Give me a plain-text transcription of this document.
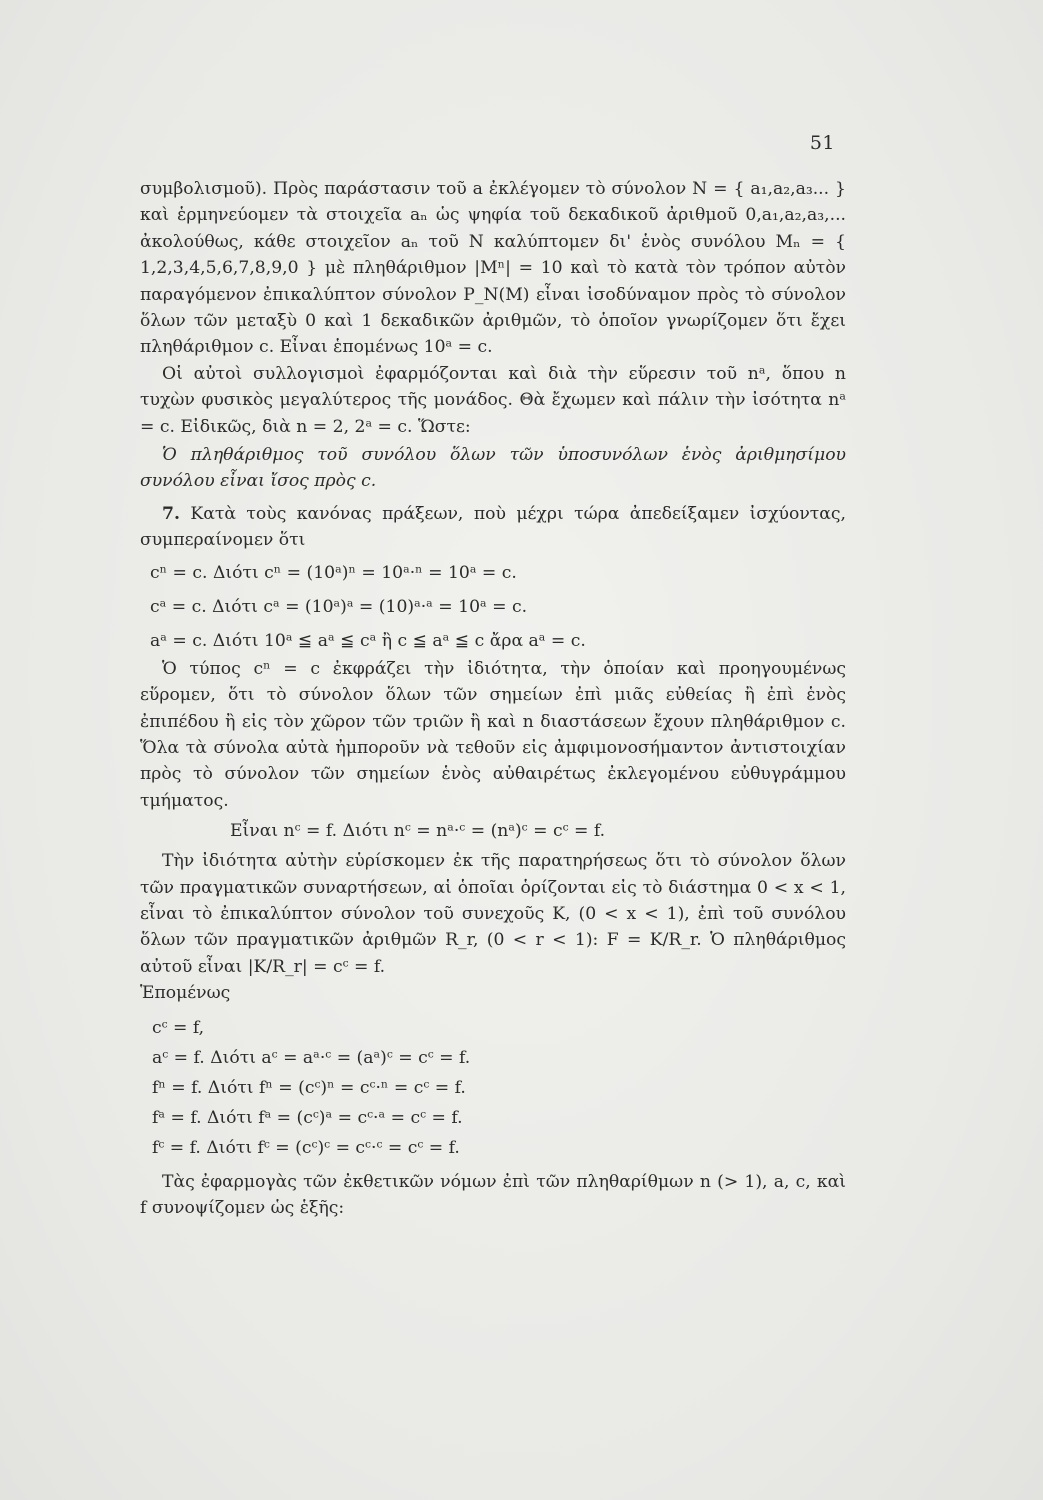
51

συμβολισμοῦ). Πρὸς παράστασιν τοῦ a ἐκλέγομεν τὸ σύνολον N = { a₁,a₂,a₃... } καὶ ἑρμηνεύομεν τὰ στοιχεῖα aₙ ὡς ψηφία τοῦ δεκαδικοῦ ἀριθμοῦ 0,a₁,a₂,a₃,... ἀκολούθως, κάθε στοιχεῖον aₙ τοῦ N καλύπτομεν δι' ἑνὸς συνόλου Mₙ = { 1,2,3,4,5,6,7,8,9,0 } μὲ πληθάριθμον |Mⁿ| = 10 καὶ τὸ κατὰ τὸν τρόπον αὐτὸν παραγόμενον ἐπικαλύπτον σύνολον P_N(M) εἶναι ἰσοδύναμον πρὸς τὸ σύνολον ὅλων τῶν μεταξὺ 0 καὶ 1 δεκαδικῶν ἀριθμῶν, τὸ ὁποῖον γνωρίζομεν ὅτι ἔχει πληθάριθμον c. Εἶναι ἑπομένως 10ᵃ = c.

Οἱ αὐτοὶ συλλογισμοὶ ἐφαρμόζονται καὶ διὰ τὴν εὕρεσιν τοῦ nᵃ, ὅπου n τυχὼν φυσικὸς μεγαλύτερος τῆς μονάδος. Θὰ ἔχωμεν καὶ πάλιν τὴν ἰσότητα nᵃ = c. Εἰδικῶς, διὰ n = 2, 2ᵃ = c. Ὥστε:

Ὁ πληθάριθμος τοῦ συνόλου ὅλων τῶν ὑποσυνόλων ἑνὸς ἀριθμησίμου συνόλου εἶναι ἴσος πρὸς c.

7. Κατὰ τοὺς κανόνας πράξεων, ποὺ μέχρι τώρα ἀπεδείξαμεν ἰσχύοντας, συμπεραίνομεν ὅτι

cⁿ = c. Διότι cⁿ = (10ᵃ)ⁿ = 10ᵃ·ⁿ = 10ᵃ = c.

cᵃ = c. Διότι cᵃ = (10ᵃ)ᵃ = (10)ᵃ·ᵃ = 10ᵃ = c.

aᵃ = c. Διότι 10ᵃ ≦ aᵃ ≦ cᵃ ἢ c ≦ aᵃ ≦ c ἄρα aᵃ = c.

Ὁ τύπος cⁿ = c ἐκφράζει τὴν ἰδιότητα, τὴν ὁποίαν καὶ προηγουμένως εὕρομεν, ὅτι τὸ σύνολον ὅλων τῶν σημείων ἐπὶ μιᾶς εὐθείας ἢ ἐπὶ ἑνὸς ἐπιπέδου ἢ εἰς τὸν χῶρον τῶν τριῶν ἢ καὶ n διαστάσεων ἔχουν πληθάριθμον c. Ὅλα τὰ σύνολα αὐτὰ ἠμποροῦν νὰ τεθοῦν εἰς ἀμφιμονοσήμαντον ἀντιστοιχίαν πρὸς τὸ σύνολον τῶν σημείων ἑνὸς αὐθαιρέτως ἐκλεγομένου εὐθυγράμμου τμήματος.

Εἶναι nᶜ = f. Διότι nᶜ = nᵃ·ᶜ = (nᵃ)ᶜ = cᶜ = f.

Τὴν ἰδιότητα αὐτὴν εὑρίσκομεν ἐκ τῆς παρατηρήσεως ὅτι τὸ σύνολον ὅλων τῶν πραγματικῶν συναρτήσεων, αἱ ὁποῖαι ὁρίζονται εἰς τὸ διάστημα 0 < x < 1, εἶναι τὸ ἐπικαλύπτον σύνολον τοῦ συνεχοῦς K, (0 < x < 1), ἐπὶ τοῦ συνόλου ὅλων τῶν πραγματικῶν ἀριθμῶν R_r, (0 < r < 1): F = K/R_r. Ὁ πληθάριθμος αὐτοῦ εἶναι |K/R_r| = cᶜ = f.

Ἑπομένως

cᶜ = f,

aᶜ = f. Διότι aᶜ = aᵃ·ᶜ = (aᵃ)ᶜ = cᶜ = f.

fⁿ = f. Διότι fⁿ = (cᶜ)ⁿ = cᶜ·ⁿ = cᶜ = f.

fᵃ = f. Διότι fᵃ = (cᶜ)ᵃ = cᶜ·ᵃ = cᶜ = f.

fᶜ = f. Διότι fᶜ = (cᶜ)ᶜ = cᶜ·ᶜ = cᶜ = f.

Τὰς ἐφαρμογὰς τῶν ἐκθετικῶν νόμων ἐπὶ τῶν πληθαρίθμων n (> 1), a, c, καὶ f συνοψίζομεν ὡς ἑξῆς:
